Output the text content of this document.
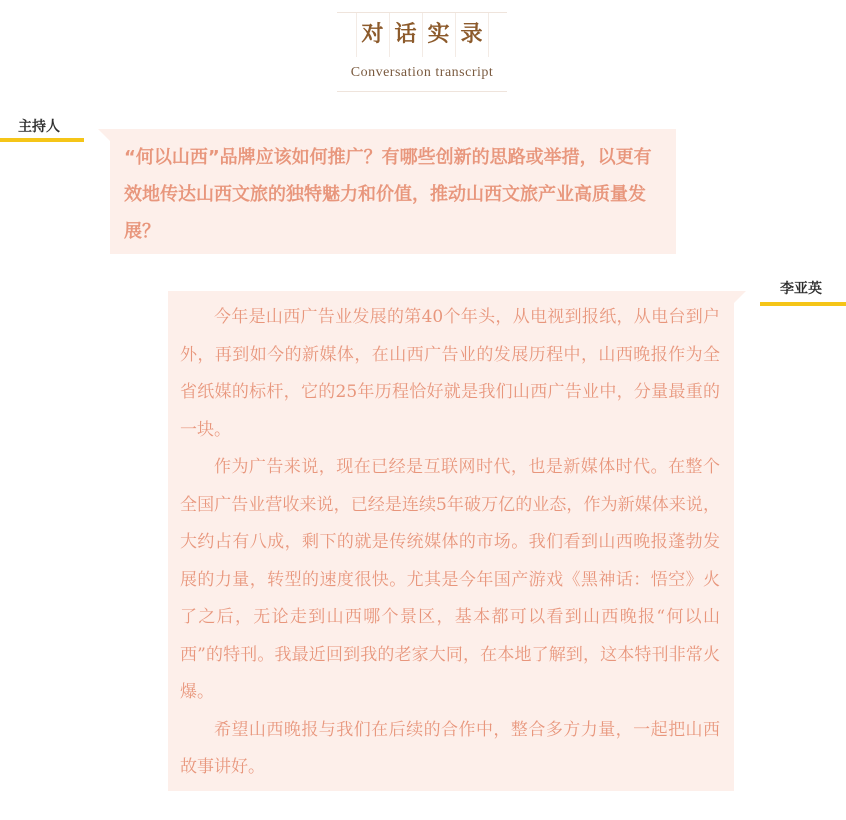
对 话 实 录
Conversation transcript
主持人
“何以山西”品牌应该如何推广？有哪些创新的思路或举措，以更有效地传达山西文旅的独特魅力和价值，推动山西文旅产业高质量发展？
李亚英

今年是山西广告业发展的第40个年头，从电视到报纸，从电台到户外，再到如今的新媒体，在山西广告业的发展历程中，山西晚报作为全省纸媒的标杆，它的25年历程恰好就是我们山西广告业中，分量最重的一块。

作为广告来说，现在已经是互联网时代，也是新媒体时代。在整个全国广告业营收来说，已经是连续5年破万亿的业态，作为新媒体来说，大约占有八成，剩下的就是传统媒体的市场。我们看到山西晚报蓬勃发展的力量，转型的速度很快。尤其是今年国产游戏《黑神话：悟空》火了之后，无论走到山西哪个景区，基本都可以看到山西晚报“何以山西”的特刊。我最近回到我的老家大同，在本地了解到，这本特刊非常火爆。

希望山西晚报与我们在后续的合作中，整合多方力量，一起把山西故事讲好。
